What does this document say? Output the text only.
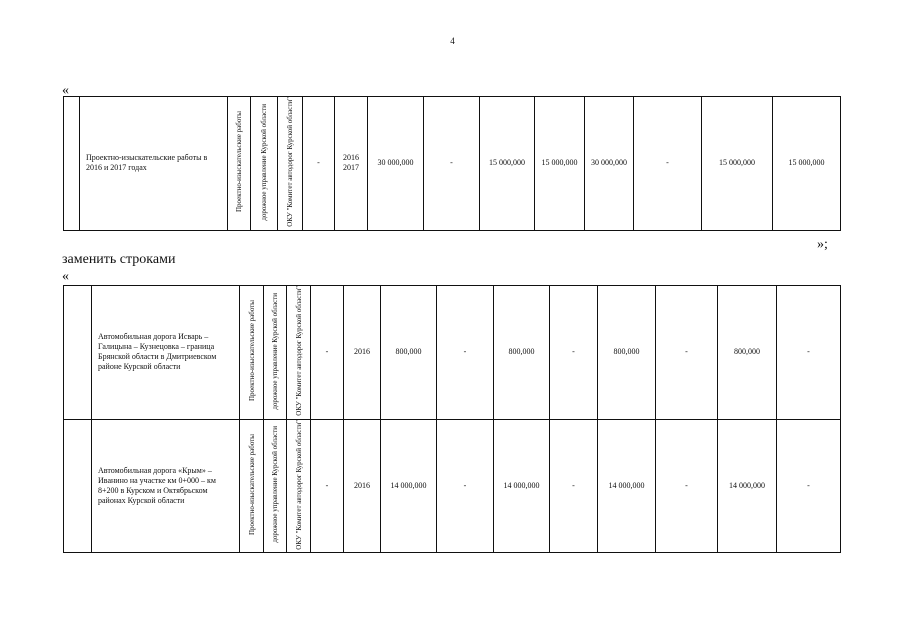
4
«
	Проектно-изыскательские работы в 2016 и 2017 годах	Проектно-изыскательские работы	дорожное управление Курской области	ОКУ "Комитет автодорог Курской области"	-	2016 2017	30 000,000	-	15 000,000	15 000,000	30 000,000	-	15 000,000	15 000,000
»;
заменить строками
«
	Автомобильная дорога Исварь – Галицына – Кузнецовка – граница Брянской области в Дмитриевском районе Курской области	Проектно-изыскательские работы	дорожное управление Курской области	ОКУ "Комитет автодорог Курской области"	-	2016	800,000	-	800,000	-	800,000	-	800,000	-
	Автомобильная дорога «Крым» – Иванино на участке км 0+000 – км 8+200 в Курском и Октябрьском районах Курской области	Проектно-изыскательские работы	дорожное управление Курской области	ОКУ "Комитет автодорог Курской области"	-	2016	14 000,000	-	14 000,000	-	14 000,000	-	14 000,000	-
